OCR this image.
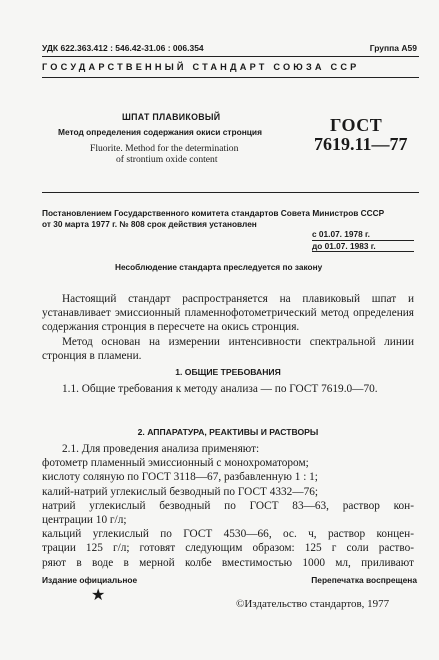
УДК 622.363.412 : 546.42-31.06 : 006.354	Группа А59
ГОСУДАРСТВЕННЫЙ СТАНДАРТ СОЮЗА ССР
ШПАТ ПЛАВИКОВЫЙ
Метод определения содержания окиси стронция
Fluorite. Method for the determination
of strontium oxide content
ГОСТ
7619.11—77
Постановлением Государственного комитета стандартов Совета Министров СССР
от 30 марта 1977 г. № 808 срок действия установлен
с 01.07. 1978 г.
до 01.07. 1983 г.
Несоблюдение стандарта преследуется по закону

Настоящий стандарт распространяется на плавиковый шпат и устанавливает эмиссионный пламеннофотометрический метод определения содержания стронция в пересчете на окись стронция.

Метод основан на измерении интенсивности спектральной линии стронция в пламени.

1. ОБЩИЕ ТРЕБОВАНИЯ

1.1. Общие требования к методу анализа — по ГОСТ 7619.0—70.

2. АППАРАТУРА, РЕАКТИВЫ И РАСТВОРЫ

2.1. Для проведения анализа применяют:

фотометр пламенный эмиссионный с монохроматором;

кислоту соляную по ГОСТ 3118—67, разбавленную 1 : 1;

калий-натрий углекислый безводный по ГОСТ 4332—76;

натрий углекислый безводный по ГОСТ 83—63, раствор кон-

центрации 10 г/л;

кальций углекислый по ГОСТ 4530—66, ос. ч, раствор концен-

трации 125 г/л; готовят следующим образом: 125 г соли раство-

ряют в воде в мерной колбе вместимостью 1000 мл, приливают

Издание официальное	Перепечатка воспрещена
★	©Издательство стандартов, 1977
